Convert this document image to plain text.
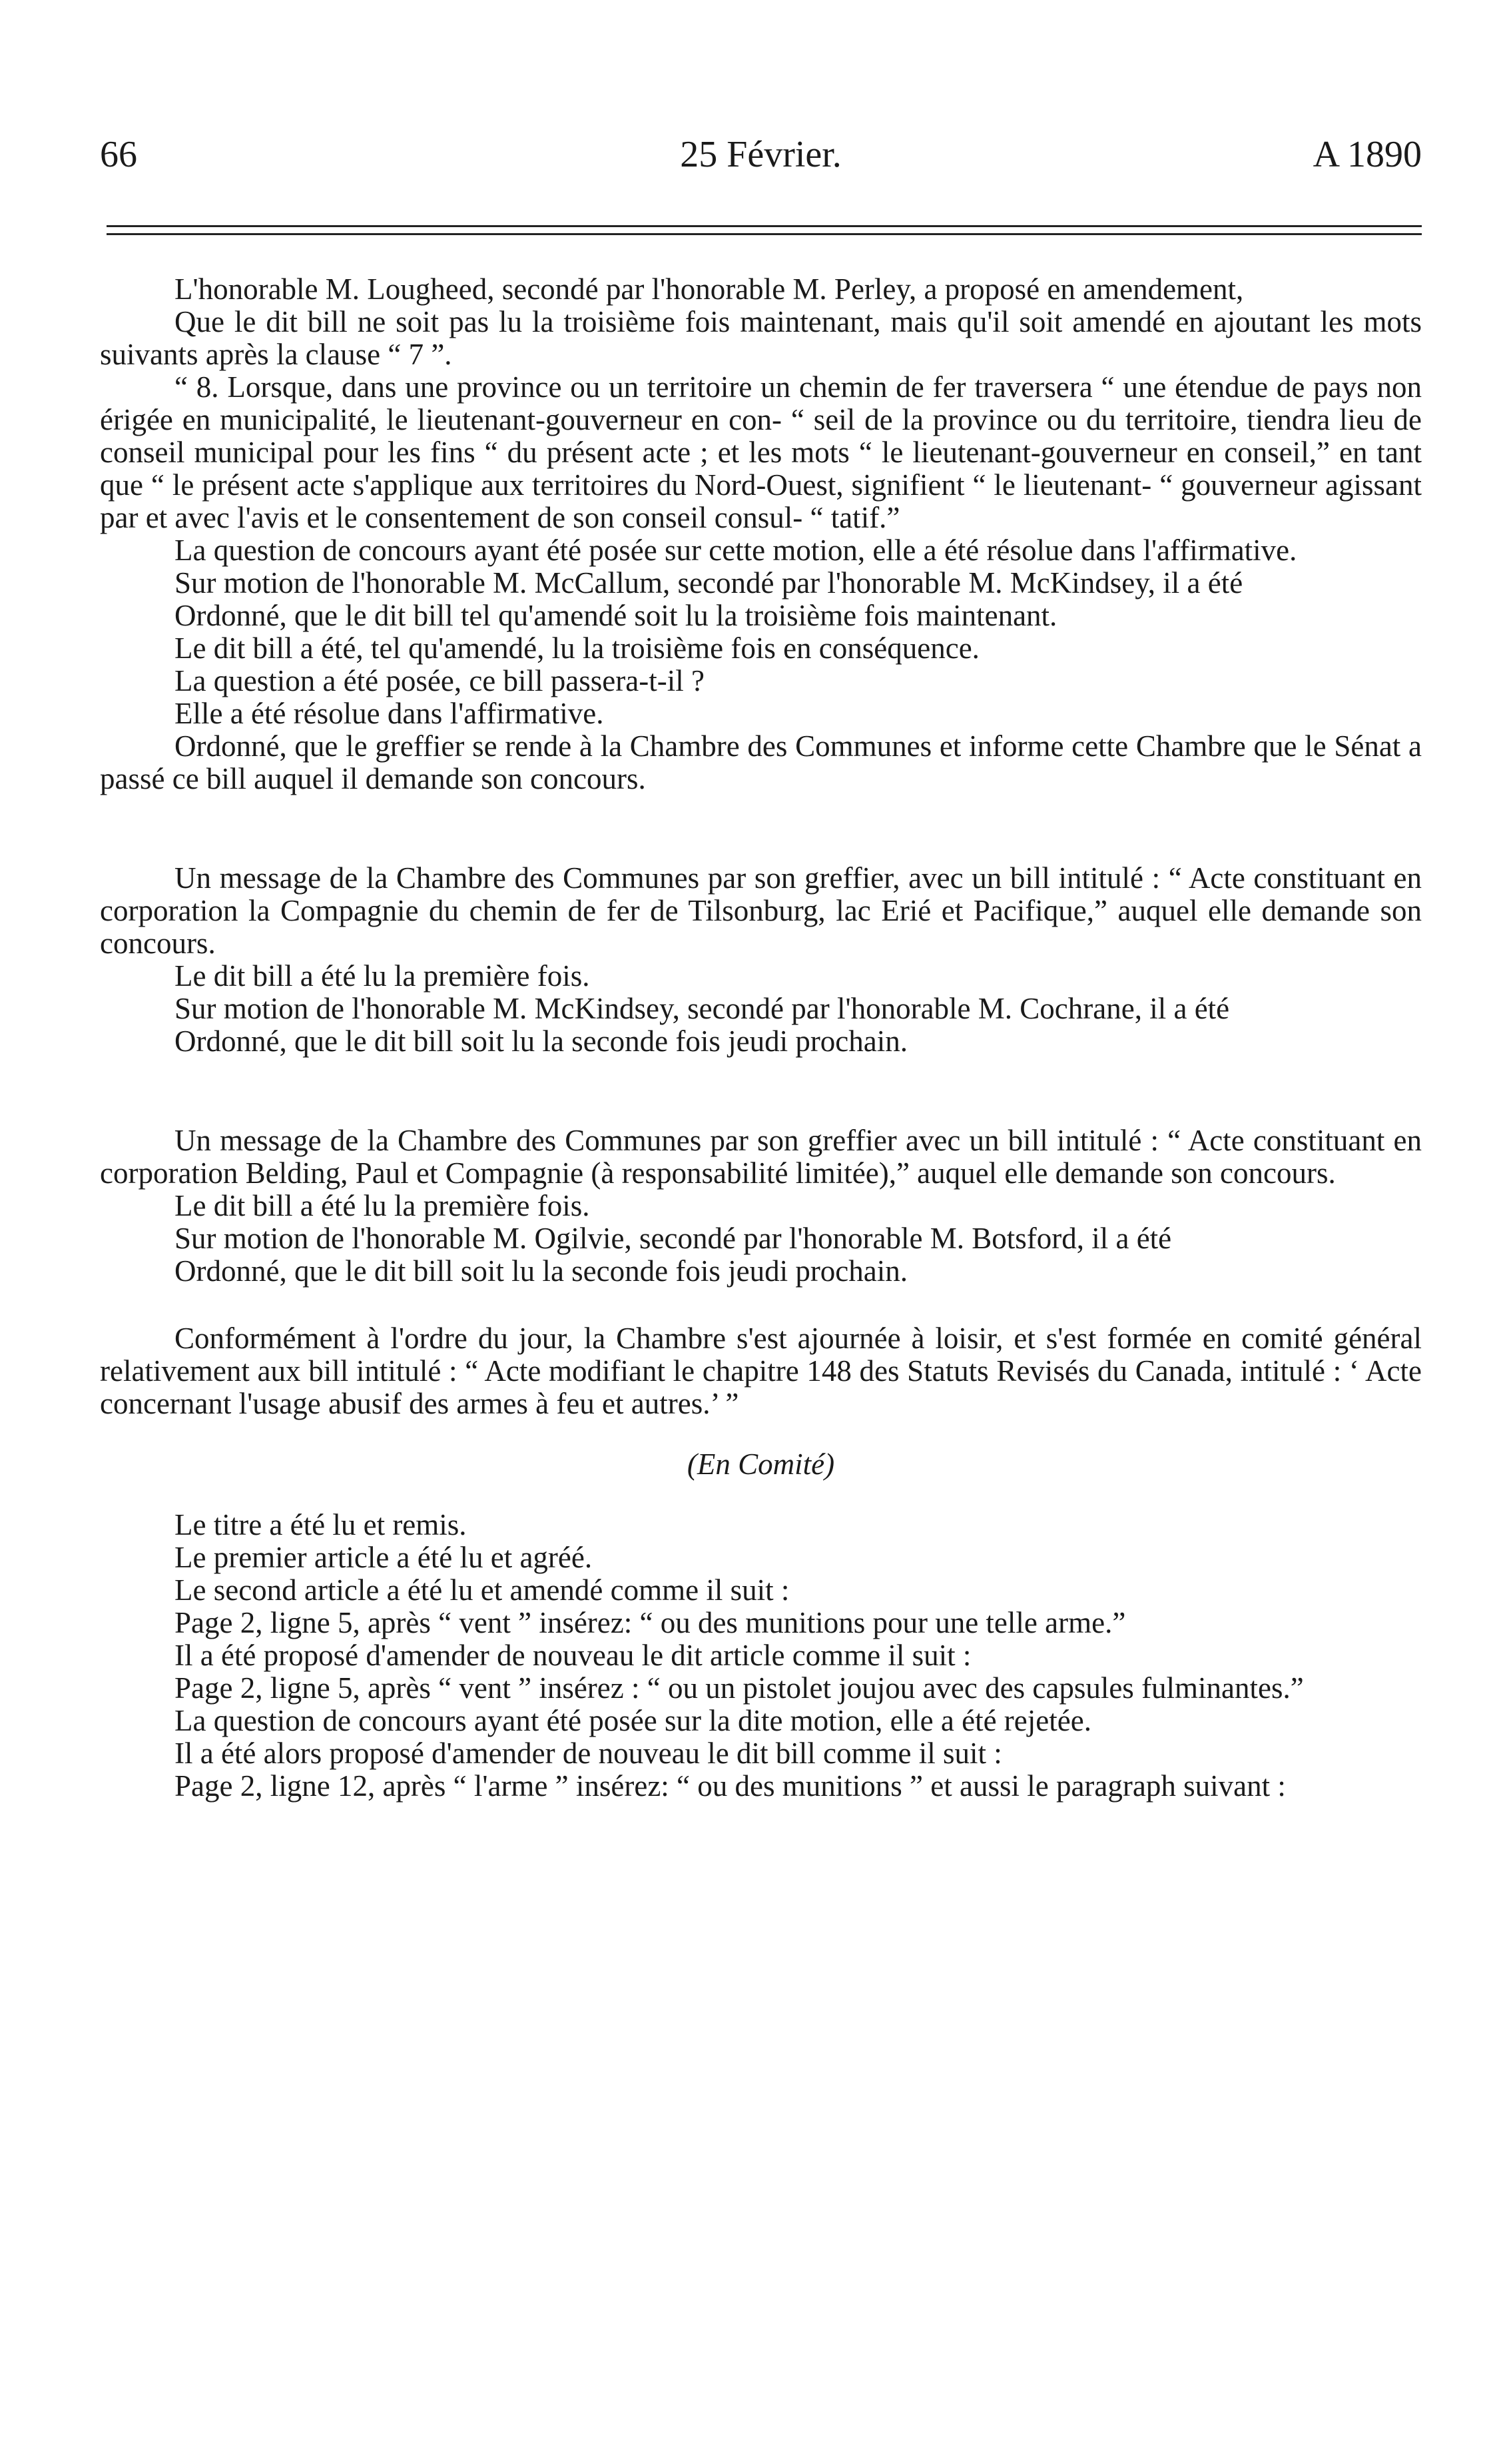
66	25 Février.	A 1890

L'honorable M. Lougheed, secondé par l'honorable M. Perley, a proposé en amendement,

Que le dit bill ne soit pas lu la troisième fois maintenant, mais qu'il soit amendé en ajoutant les mots suivants après la clause “ 7 ”.

“ 8. Lorsque, dans une province ou un territoire un chemin de fer traversera “ une étendue de pays non érigée en municipalité, le lieutenant-gouverneur en con- “ seil de la province ou du territoire, tiendra lieu de conseil municipal pour les fins “ du présent acte ; et les mots “ le lieutenant-gouverneur en conseil,” en tant que “ le présent acte s'applique aux territoires du Nord-Ouest, signifient “ le lieutenant- “ gouverneur agissant par et avec l'avis et le consentement de son conseil consul- “ tatif.”

La question de concours ayant été posée sur cette motion, elle a été résolue dans l'affirmative.

Sur motion de l'honorable M. McCallum, secondé par l'honorable M. McKindsey, il a été

Ordonné, que le dit bill tel qu'amendé soit lu la troisième fois maintenant.

Le dit bill a été, tel qu'amendé, lu la troisième fois en conséquence.

La question a été posée, ce bill passera-t-il ?

Elle a été résolue dans l'affirmative.

Ordonné, que le greffier se rende à la Chambre des Communes et informe cette Chambre que le Sénat a passé ce bill auquel il demande son concours.

Un message de la Chambre des Communes par son greffier, avec un bill intitulé : “ Acte constituant en corporation la Compagnie du chemin de fer de Tilsonburg, lac Erié et Pacifique,” auquel elle demande son concours.

Le dit bill a été lu la première fois.

Sur motion de l'honorable M. McKindsey, secondé par l'honorable M. Cochrane, il a été

Ordonné, que le dit bill soit lu la seconde fois jeudi prochain.

Un message de la Chambre des Communes par son greffier avec un bill intitulé : “ Acte constituant en corporation Belding, Paul et Compagnie (à responsabilité limitée),” auquel elle demande son concours.

Le dit bill a été lu la première fois.

Sur motion de l'honorable M. Ogilvie, secondé par l'honorable M. Botsford, il a été

Ordonné, que le dit bill soit lu la seconde fois jeudi prochain.

Conformément à l'ordre du jour, la Chambre s'est ajournée à loisir, et s'est formée en comité général relativement aux bill intitulé : “ Acte modifiant le chapitre 148 des Statuts Revisés du Canada, intitulé : ‘ Acte concernant l'usage abusif des armes à feu et autres.’ ”

(En Comité)

Le titre a été lu et remis.

Le premier article a été lu et agréé.

Le second article a été lu et amendé comme il suit :

Page 2, ligne 5, après “ vent ” insérez: “ ou des munitions pour une telle arme.”

Il a été proposé d'amender de nouveau le dit article comme il suit :

Page 2, ligne 5, après “ vent ” insérez : “ ou un pistolet joujou avec des capsules fulminantes.”

La question de concours ayant été posée sur la dite motion, elle a été rejetée.

Il a été alors proposé d'amender de nouveau le dit bill comme il suit :

Page 2, ligne 12, après “ l'arme ” insérez: “ ou des munitions ” et aussi le paragraph suivant :
